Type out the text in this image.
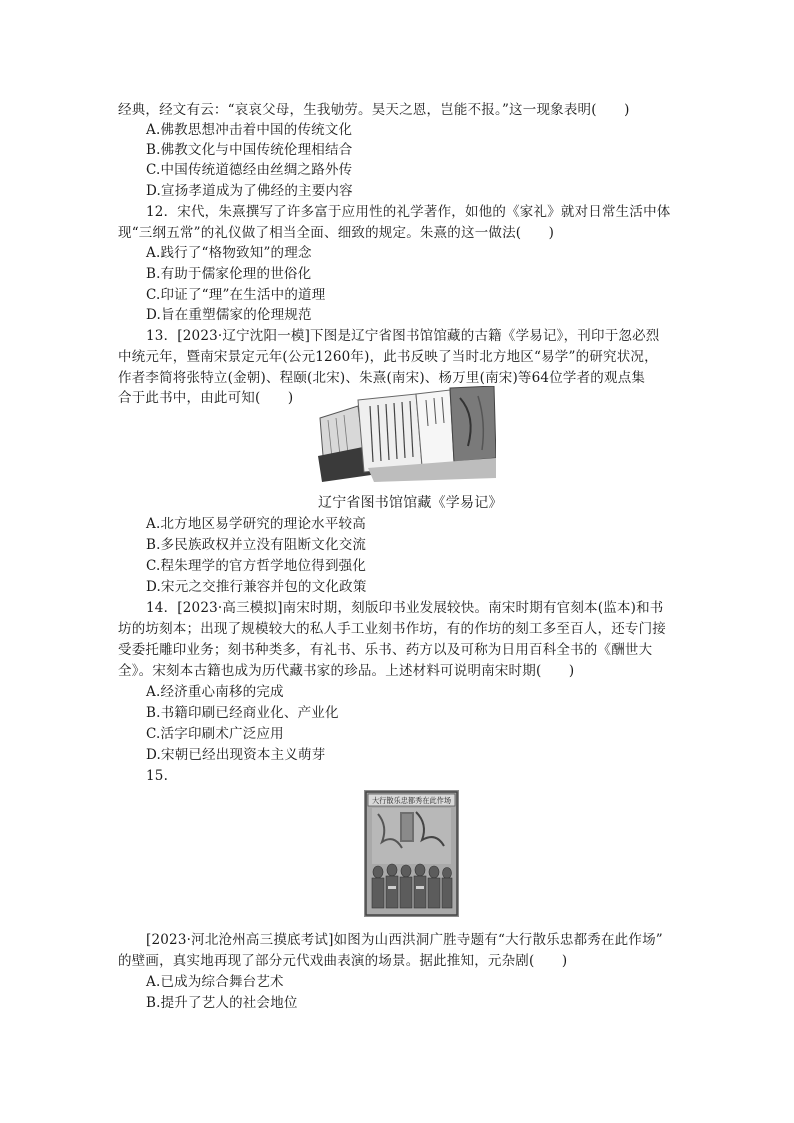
经典，经文有云：“哀哀父母，生我劬劳。昊天之恩，岂能不报。”这一现象表明(　　)
A.佛教思想冲击着中国的传统文化
B.佛教文化与中国传统伦理相结合
C.中国传统道德经由丝绸之路外传
D.宣扬孝道成为了佛经的主要内容
12．宋代，朱熹撰写了许多富于应用性的礼学著作，如他的《家礼》就对日常生活中体
现“三纲五常”的礼仪做了相当全面、细致的规定。朱熹的这一做法(　　)
A.践行了“格物致知”的理念
B.有助于儒家伦理的世俗化
C.印证了“理”在生活中的道理
D.旨在重塑儒家的伦理规范
13．[2023·辽宁沈阳一模]下图是辽宁省图书馆馆藏的古籍《学易记》，刊印于忽必烈
中统元年，暨南宋景定元年(公元1260年)，此书反映了当时北方地区“易学”的研究状况，
作者李简将张特立(金朝)、程颐(北宋)、朱熹(南宋)、杨万里(南宋)等64位学者的观点集
合于此书中，由此可知(　　)
辽宁省图书馆馆藏《学易记》
A.北方地区易学研究的理论水平较高
B.多民族政权并立没有阻断文化交流
C.程朱理学的官方哲学地位得到强化
D.宋元之交推行兼容并包的文化政策
14．[2023·高三模拟]南宋时期，刻版印书业发展较快。南宋时期有官刻本(监本)和书
坊的坊刻本；出现了规模较大的私人手工业刻书作坊，有的作坊的刻工多至百人，还专门接
受委托雕印业务；刻书种类多，有礼书、乐书、药方以及可称为日用百科全书的《酬世大
全》。宋刻本古籍也成为历代藏书家的珍品。上述材料可说明南宋时期(　　)
A.经济重心南移的完成
B.书籍印刷已经商业化、产业化
C.活字印刷术广泛应用
D.宋朝已经出现资本主义萌芽
15.
大行散乐忠都秀在此作场
[2023·河北沧州高三摸底考试]如图为山西洪洞广胜寺题有“大行散乐忠都秀在此作场”
的壁画，真实地再现了部分元代戏曲表演的场景。据此推知，元杂剧(　　)
A.已成为综合舞台艺术
B.提升了艺人的社会地位
